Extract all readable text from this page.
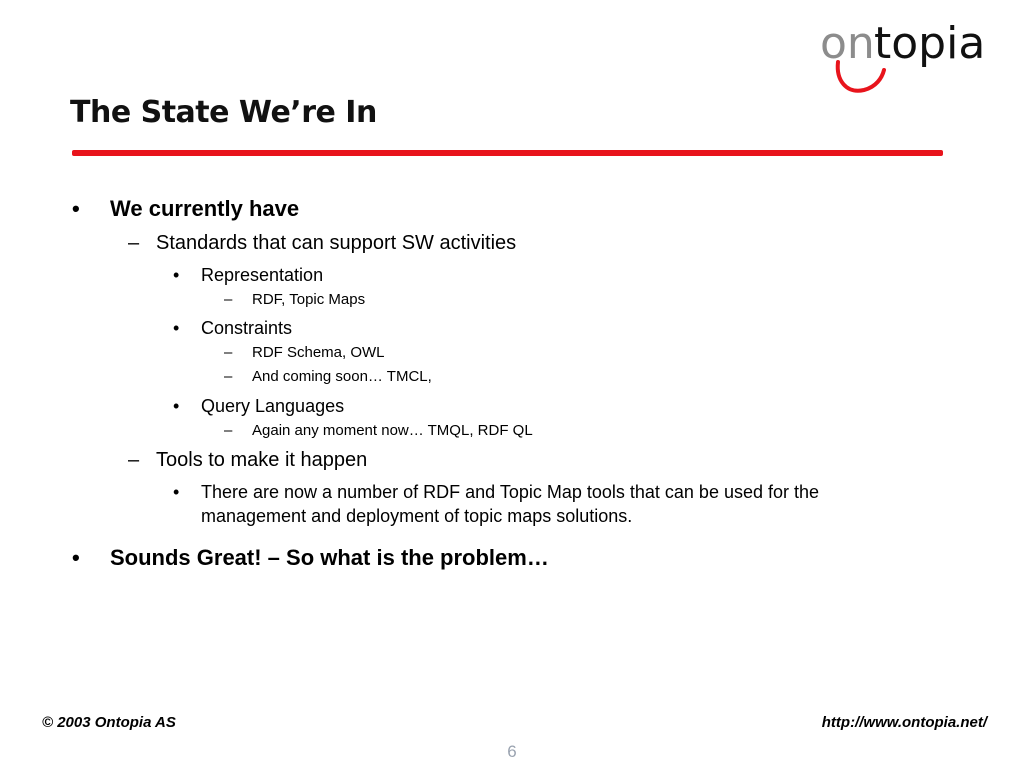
on topia
The State We’re In
•	We currently have
– Standards that can support SW activities
•	Representation
–	RDF, Topic Maps
•	Constraints
–	RDF Schema, OWL
–	And coming soon… TMCL,
•	Query Languages
–	Again any moment now… TMQL, RDF QL
– Tools to make it happen
•	There are now a number of RDF and Topic Map tools that can be used for the management and deployment of topic maps solutions.
•	Sounds Great! – So what is the problem…
© 2003 Ontopia AS	http://www.ontopia.net/
6
